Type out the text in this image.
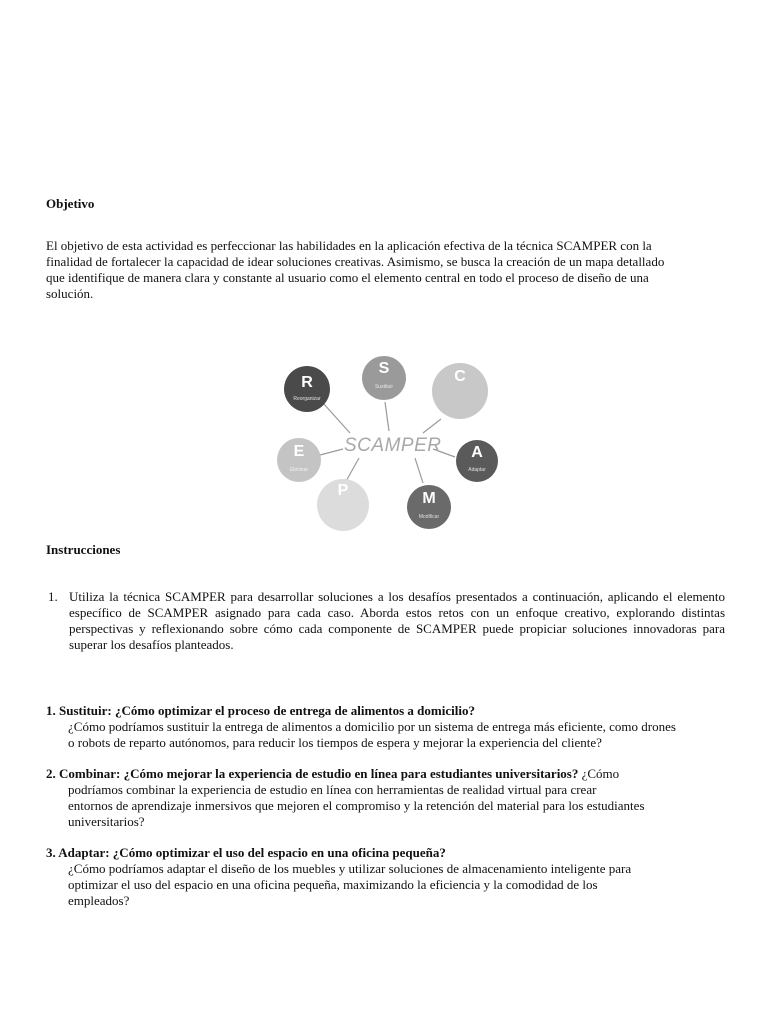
Objetivo
El objetivo de esta actividad es perfeccionar las habilidades en la aplicación efectiva de la técnica SCAMPER con la
finalidad de fortalecer la capacidad de idear soluciones creativas. Asimismo, se busca la creación de un mapa detallado
que identifique de manera clara y constante al usuario como el elemento central en todo el proceso de diseño de una
solución.
SCAMPER
S
Sustituir
C
A
Adaptar
M
Modificar
P
E
Eliminar
R
Reorganizar
Instrucciones
1. Utiliza la técnica SCAMPER para desarrollar soluciones a los desafíos presentados a continuación, aplicando el elemento específico de SCAMPER asignado para cada caso. Aborda estos retos con un enfoque creativo, explorando distintas perspectivas y reflexionando sobre cómo cada componente de SCAMPER puede propiciar soluciones innovadoras para superar los desafíos planteados.
1. Sustituir: ¿Cómo optimizar el proceso de entrega de alimentos a domicilio?
¿Cómo podríamos sustituir la entrega de alimentos a domicilio por un sistema de entrega más eficiente, como drones
o robots de reparto autónomos, para reducir los tiempos de espera y mejorar la experiencia del cliente?
2. Combinar: ¿Cómo mejorar la experiencia de estudio en línea para estudiantes universitarios? ¿Cómo
podríamos combinar la experiencia de estudio en línea con herramientas de realidad virtual para crear
entornos de aprendizaje inmersivos que mejoren el compromiso y la retención del material para los estudiantes
universitarios?
3. Adaptar: ¿Cómo optimizar el uso del espacio en una oficina pequeña?
¿Cómo podríamos adaptar el diseño de los muebles y utilizar soluciones de almacenamiento inteligente para
optimizar el uso del espacio en una oficina pequeña, maximizando la eficiencia y la comodidad de los
empleados?
